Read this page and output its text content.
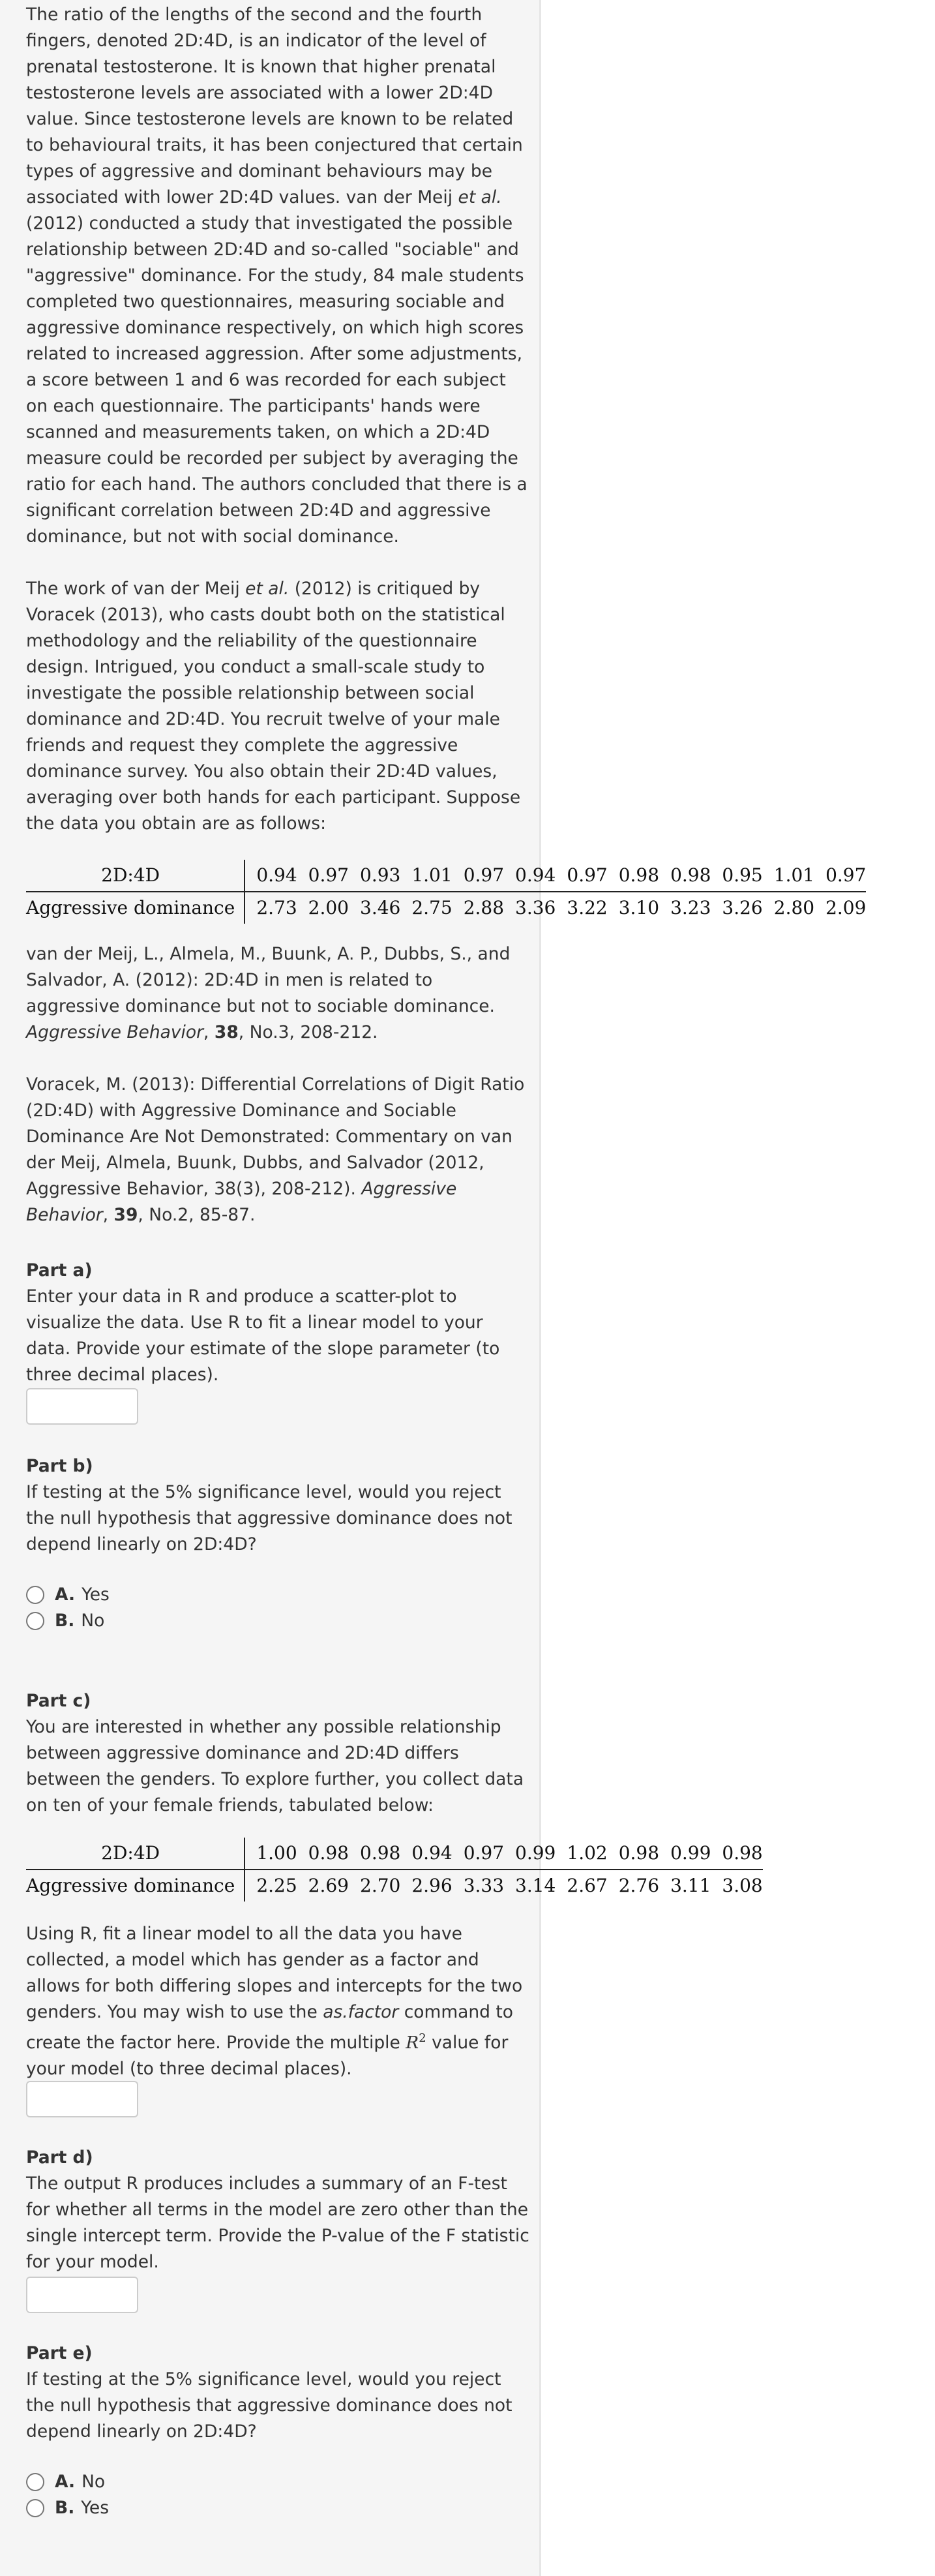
The ratio of the lengths of the second and the fourth fingers, denoted 2D:4D, is an indicator of the level of prenatal testosterone. It is known that higher prenatal testosterone levels are associated with a lower 2D:4D value. Since testosterone levels are known to be related to behavioural traits, it has been conjectured that certain types of aggressive and dominant behaviours may be associated with lower 2D:4D values. van der Meij et al. (2012) conducted a study that investigated the possible relationship between 2D:4D and so-called "sociable" and "aggressive" dominance. For the study, 84 male students completed two questionnaires, measuring sociable and aggressive dominance respectively, on which high scores related to increased aggression. After some adjustments, a score between 1 and 6 was recorded for each subject on each questionnaire. The participants' hands were scanned and measurements taken, on which a 2D:4D measure could be recorded per subject by averaging the ratio for each hand. The authors concluded that there is a significant correlation between 2D:4D and aggressive dominance, but not with social dominance.

The work of van der Meij et al. (2012) is critiqued by Voracek (2013), who casts doubt both on the statistical methodology and the reliability of the questionnaire design. Intrigued, you conduct a small-scale study to investigate the possible relationship between social dominance and 2D:4D. You recruit twelve of your male friends and request they complete the aggressive dominance survey. You also obtain their 2D:4D values, averaging over both hands for each participant. Suppose the data you obtain are as follows:

2D:4D	0.94	0.97	0.93	1.01	0.97	0.94	0.97	0.98	0.98	0.95	1.01	0.97
Aggressive dominance	2.73	2.00	3.46	2.75	2.88	3.36	3.22	3.10	3.23	3.26	2.80	2.09

van der Meij, L., Almela, M., Buunk, A. P., Dubbs, S., and Salvador, A. (2012): 2D:4D in men is related to aggressive dominance but not to sociable dominance. Aggressive Behavior, 38, No.3, 208-212.

Voracek, M. (2013): Differential Correlations of Digit Ratio (2D:4D) with Aggressive Dominance and Sociable Dominance Are Not Demonstrated: Commentary on van der Meij, Almela, Buunk, Dubbs, and Salvador (2012, Aggressive Behavior, 38(3), 208-212). Aggressive Behavior, 39, No.2, 85-87.

Part a)

Enter your data in R and produce a scatter-plot to visualize the data. Use R to fit a linear model to your data. Provide your estimate of the slope parameter (to three decimal places).

Part b)

If testing at the 5% significance level, would you reject the null hypothesis that aggressive dominance does not depend linearly on 2D:4D?

A. Yes
B. No
Part c)

You are interested in whether any possible relationship between aggressive dominance and 2D:4D differs between the genders. To explore further, you collect data on ten of your female friends, tabulated below:

2D:4D	1.00	0.98	0.98	0.94	0.97	0.99	1.02	0.98	0.99	0.98
Aggressive dominance	2.25	2.69	2.70	2.96	3.33	3.14	2.67	2.76	3.11	3.08

Using R, fit a linear model to all the data you have collected, a model which has gender as a factor and allows for both differing slopes and intercepts for the two genders. You may wish to use the as.factor command to create the factor here. Provide the multiple $R^2$ value for your model (to three decimal places).

Part d)

The output R produces includes a summary of an F-test for whether all terms in the model are zero other than the single intercept term. Provide the P-value of the F statistic for your model.

Part e)

If testing at the 5% significance level, would you reject the null hypothesis that aggressive dominance does not depend linearly on 2D:4D?

A. No
B. Yes
